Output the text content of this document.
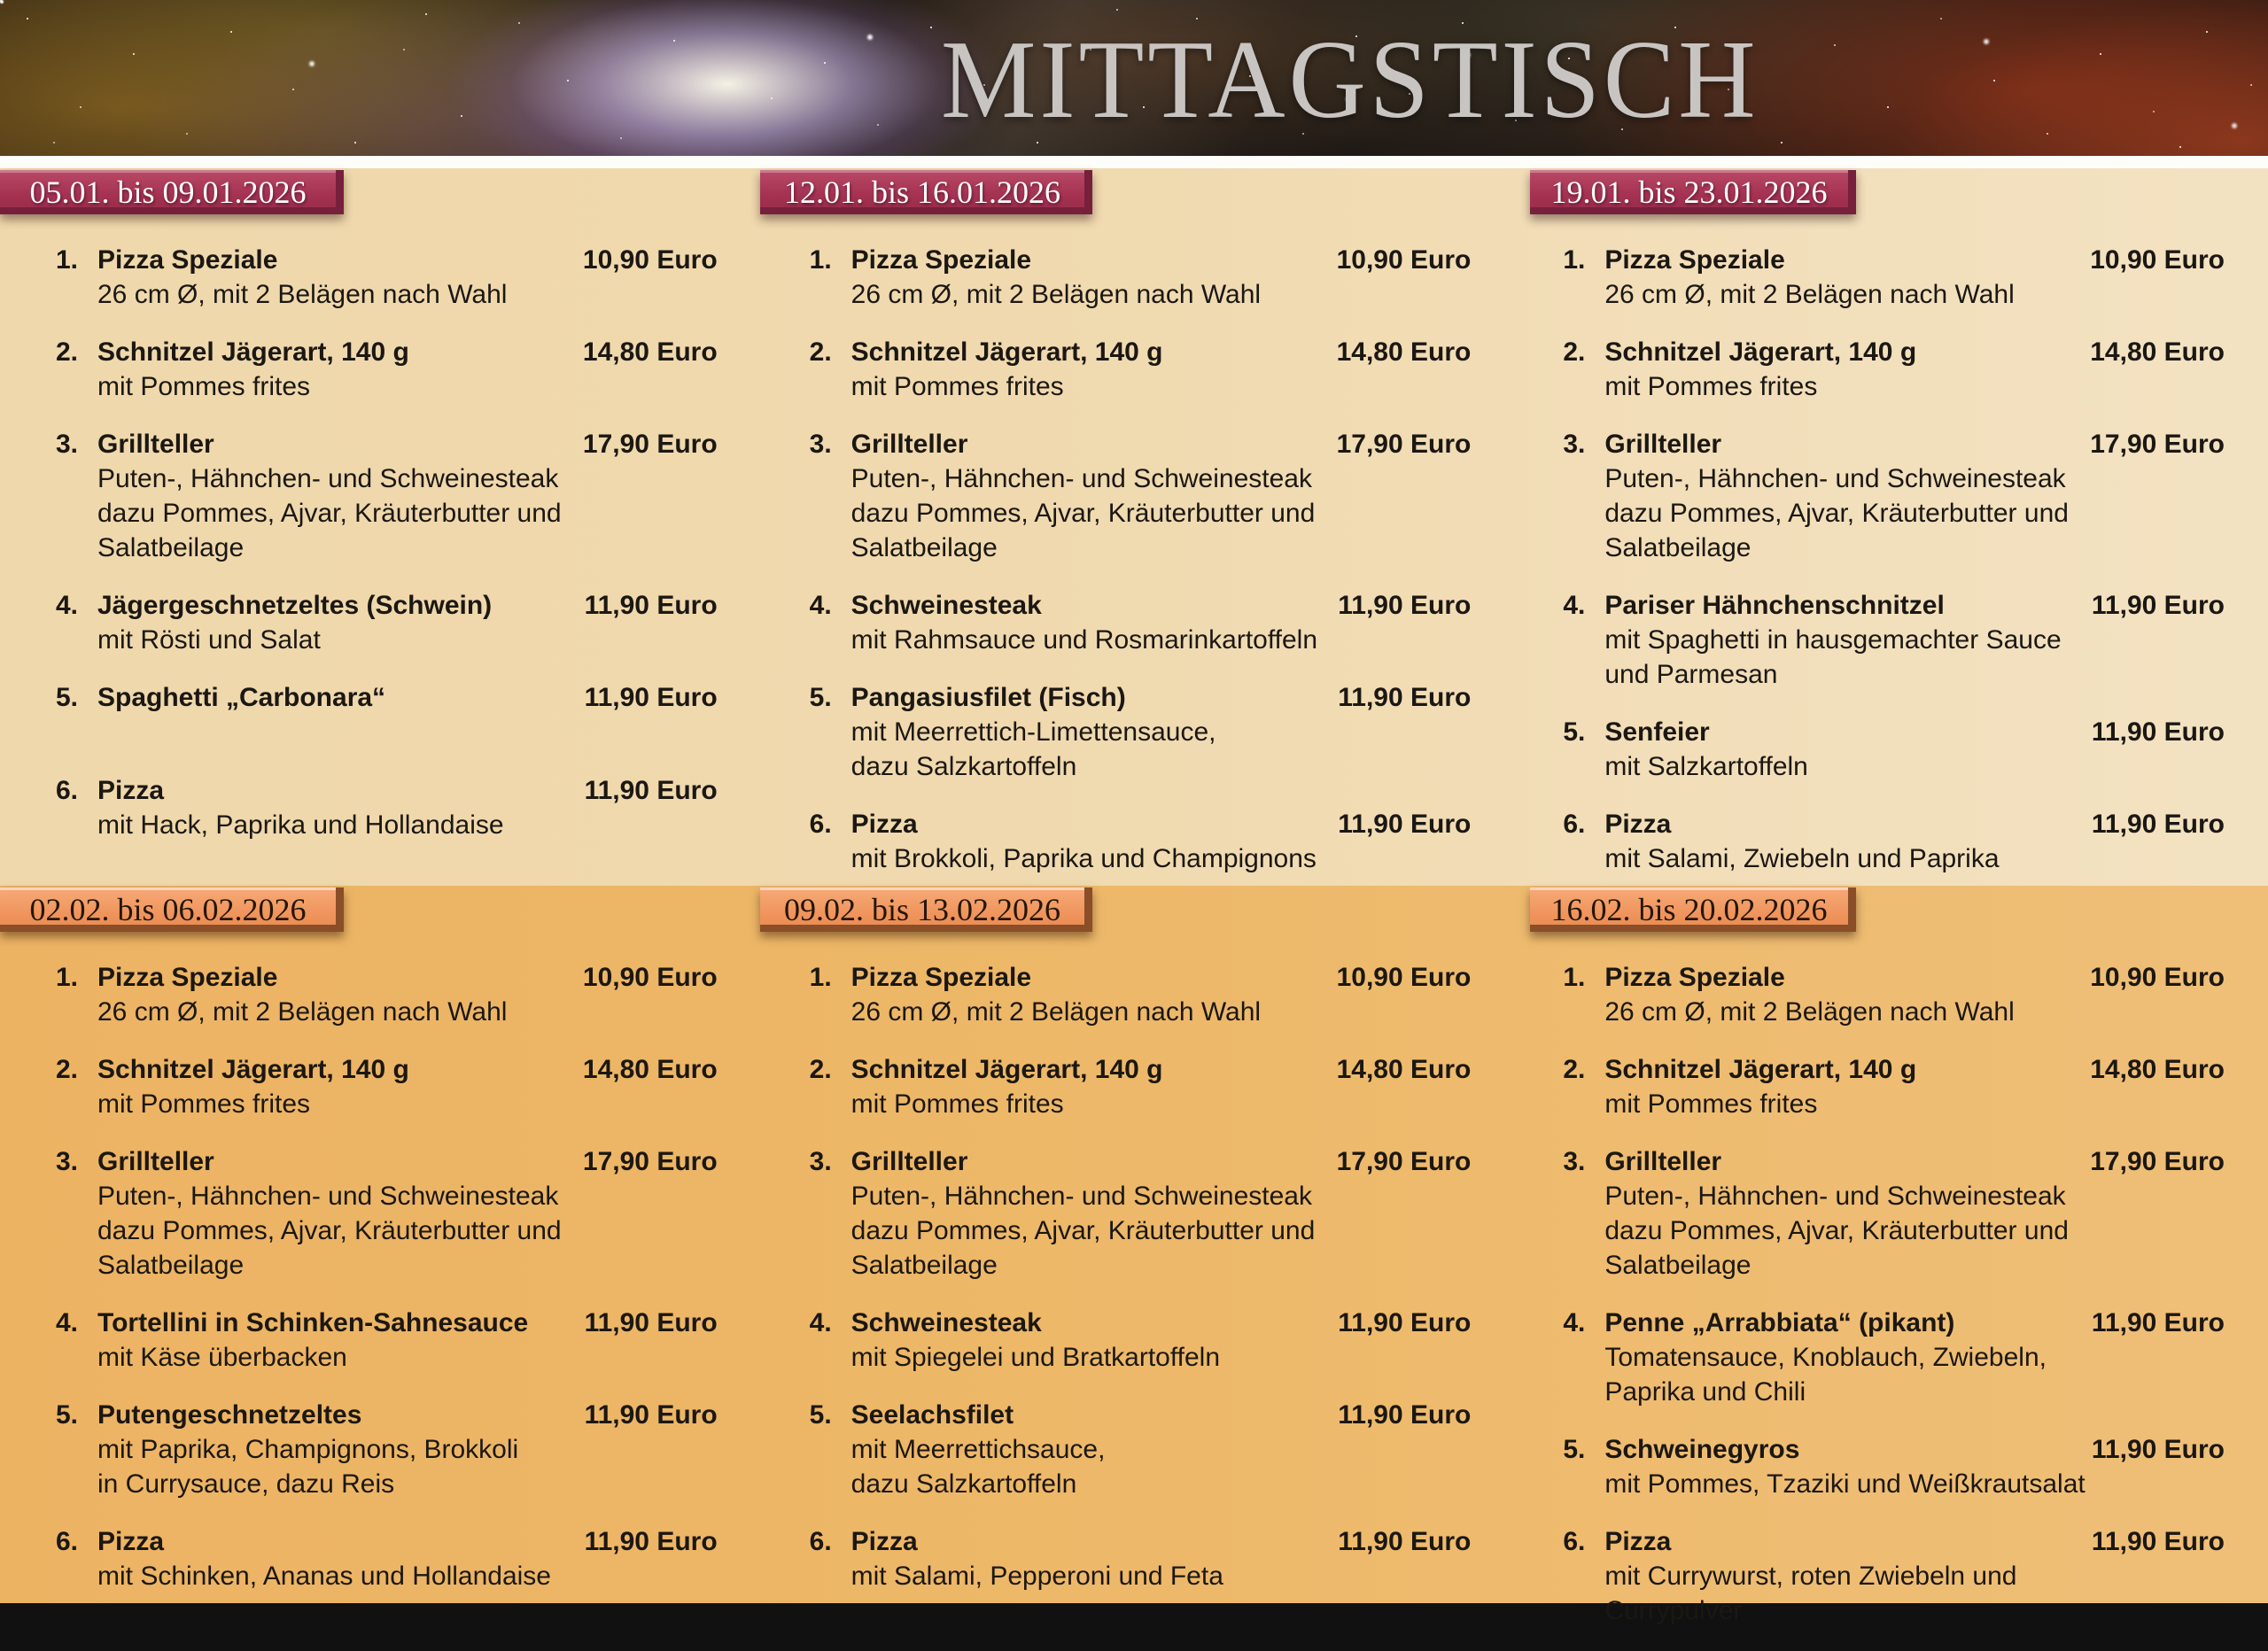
MITTAGSTISCH
05.01. bis 09.01.2026	12.01. bis 16.01.2026	19.01. bis 23.01.2026
1. Pizza Speziale	10,90 Euro
26 cm Ø, mit 2 Belägen nach Wahl
2. Schnitzel Jägerart, 140 g	14,80 Euro
mit Pommes frites
3. Grillteller	17,90 Euro
Puten-, Hähnchen- und Schweinesteak
dazu Pommes, Ajvar, Kräuterbutter und
Salatbeilage
4. Jägergeschnetzeltes (Schwein)	11,90 Euro
mit Rösti und Salat
5. Spaghetti „Carbonara“	11,90 Euro
6. Pizza	11,90 Euro
mit Hack, Paprika und Hollandaise
1. Pizza Speziale	10,90 Euro
26 cm Ø, mit 2 Belägen nach Wahl
2. Schnitzel Jägerart, 140 g	14,80 Euro
mit Pommes frites
3. Grillteller	17,90 Euro
Puten-, Hähnchen- und Schweinesteak
dazu Pommes, Ajvar, Kräuterbutter und
Salatbeilage
4. Schweinesteak	11,90 Euro
mit Rahmsauce und Rosmarinkartoffeln
5. Pangasiusfilet (Fisch)	11,90 Euro
mit Meerrettich-Limettensauce,
dazu Salzkartoffeln
6. Pizza	11,90 Euro
mit Brokkoli, Paprika und Champignons
1. Pizza Speziale	10,90 Euro
26 cm Ø, mit 2 Belägen nach Wahl
2. Schnitzel Jägerart, 140 g	14,80 Euro
mit Pommes frites
3. Grillteller	17,90 Euro
Puten-, Hähnchen- und Schweinesteak
dazu Pommes, Ajvar, Kräuterbutter und
Salatbeilage
4. Pariser Hähnchenschnitzel	11,90 Euro
mit Spaghetti in hausgemachter Sauce
und Parmesan
5. Senfeier	11,90 Euro
mit Salzkartoffeln
6. Pizza	11,90 Euro
mit Salami, Zwiebeln und Paprika
02.02. bis 06.02.2026	09.02. bis 13.02.2026	16.02. bis 20.02.2026
1. Pizza Speziale	10,90 Euro
26 cm Ø, mit 2 Belägen nach Wahl
2. Schnitzel Jägerart, 140 g	14,80 Euro
mit Pommes frites
3. Grillteller	17,90 Euro
Puten-, Hähnchen- und Schweinesteak
dazu Pommes, Ajvar, Kräuterbutter und
Salatbeilage
4. Tortellini in Schinken-Sahnesauce	11,90 Euro
mit Käse überbacken
5. Putengeschnetzeltes	11,90 Euro
mit Paprika, Champignons, Brokkoli
in Currysauce, dazu Reis
6. Pizza	11,90 Euro
mit Schinken, Ananas und Hollandaise
1. Pizza Speziale	10,90 Euro
26 cm Ø, mit 2 Belägen nach Wahl
2. Schnitzel Jägerart, 140 g	14,80 Euro
mit Pommes frites
3. Grillteller	17,90 Euro
Puten-, Hähnchen- und Schweinesteak
dazu Pommes, Ajvar, Kräuterbutter und
Salatbeilage
4. Schweinesteak	11,90 Euro
mit Spiegelei und Bratkartoffeln
5. Seelachsfilet	11,90 Euro
mit Meerrettichsauce,
dazu Salzkartoffeln
6. Pizza	11,90 Euro
mit Salami, Pepperoni und Feta
1. Pizza Speziale	10,90 Euro
26 cm Ø, mit 2 Belägen nach Wahl
2. Schnitzel Jägerart, 140 g	14,80 Euro
mit Pommes frites
3. Grillteller	17,90 Euro
Puten-, Hähnchen- und Schweinesteak
dazu Pommes, Ajvar, Kräuterbutter und
Salatbeilage
4. Penne „Arrabbiata“ (pikant)	11,90 Euro
Tomatensauce, Knoblauch, Zwiebeln,
Paprika und Chili
5. Schweinegyros	11,90 Euro
mit Pommes, Tzaziki und Weißkrautsalat
6. Pizza	11,90 Euro
mit Currywurst, roten Zwiebeln und
Currypulver
